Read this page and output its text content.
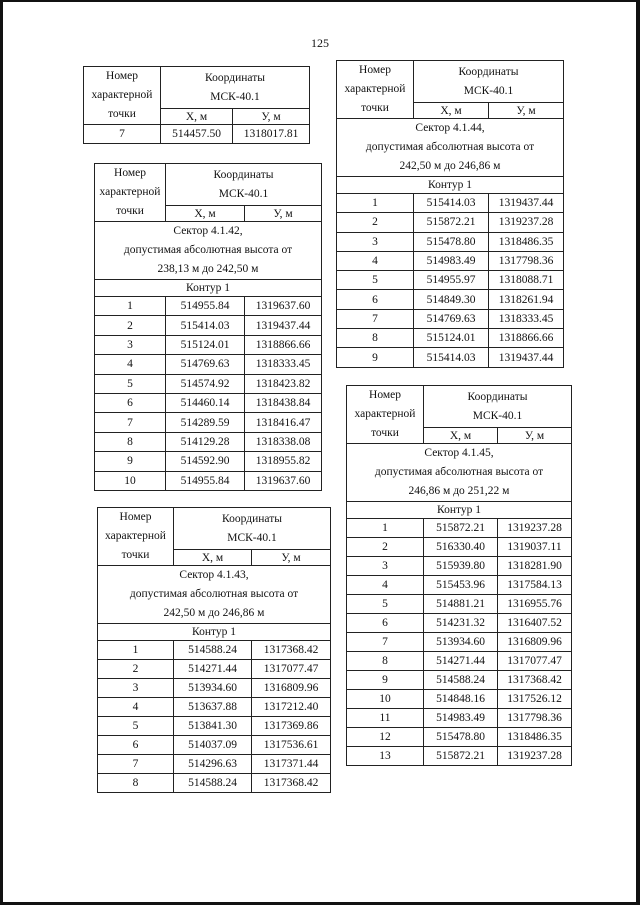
125
Номер
характерной
точки	Координаты
МСК-40.1	
	Х, м	У, м
7	514457.50	1318017.81
Номер
характерной
точки	Координаты
МСК-40.1	
	Х, м	У, м
Сектор 4.1.42,
допустимая абсолютная высота от
238,13 м до 242,50 м		
Контур 1		
1	514955.84	1319637.60
2	515414.03	1319437.44
3	515124.01	1318866.66
4	514769.63	1318333.45
5	514574.92	1318423.82
6	514460.14	1318438.84
7	514289.59	1318416.47
8	514129.28	1318338.08
9	514592.90	1318955.82
10	514955.84	1319637.60
Номер
характерной
точки	Координаты
МСК-40.1	
	Х, м	У, м
Сектор 4.1.43,
допустимая абсолютная высота от
242,50 м до 246,86 м		
Контур 1		
1	514588.24	1317368.42
2	514271.44	1317077.47
3	513934.60	1316809.96
4	513637.88	1317212.40
5	513841.30	1317369.86
6	514037.09	1317536.61
7	514296.63	1317371.44
8	514588.24	1317368.42
Номер
характерной
точки	Координаты
МСК-40.1	
	Х, м	У, м
Сектор 4.1.44,
допустимая абсолютная высота от
242,50 м до 246,86 м		
Контур 1		
1	515414.03	1319437.44
2	515872.21	1319237.28
3	515478.80	1318486.35
4	514983.49	1317798.36
5	514955.97	1318088.71
6	514849.30	1318261.94
7	514769.63	1318333.45
8	515124.01	1318866.66
9	515414.03	1319437.44
Номер
характерной
точки	Координаты
МСК-40.1	
	Х, м	У, м
Сектор 4.1.45,
допустимая абсолютная высота от
246,86 м до 251,22 м		
Контур 1		
1	515872.21	1319237.28
2	516330.40	1319037.11
3	515939.80	1318281.90
4	515453.96	1317584.13
5	514881.21	1316955.76
6	514231.32	1316407.52
7	513934.60	1316809.96
8	514271.44	1317077.47
9	514588.24	1317368.42
10	514848.16	1317526.12
11	514983.49	1317798.36
12	515478.80	1318486.35
13	515872.21	1319237.28
